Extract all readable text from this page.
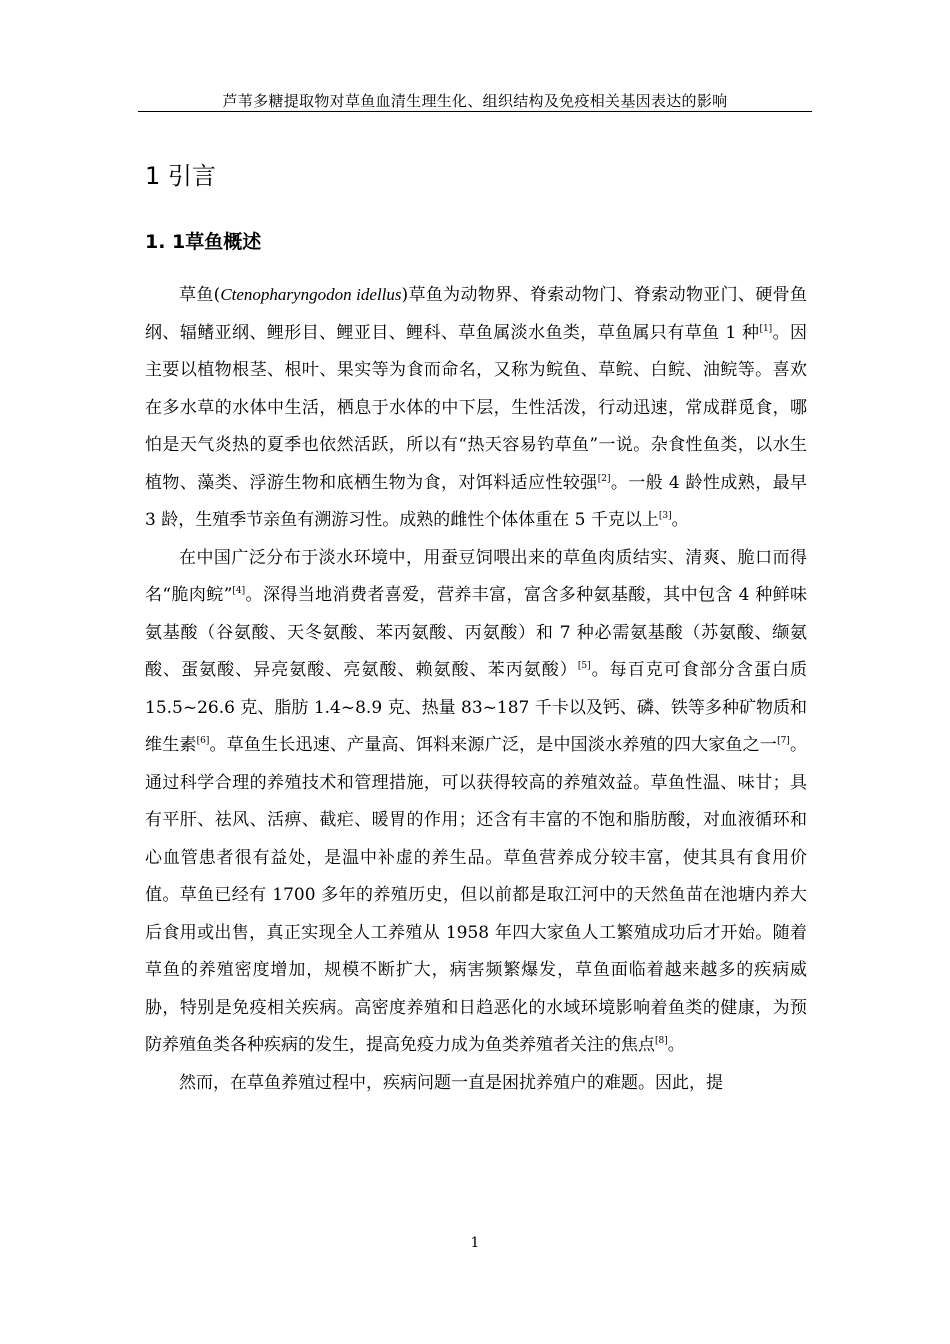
芦苇多糖提取物对草鱼血清生理生化、组织结构及免疫相关基因表达的影响
1 引言
1. 1草鱼概述

草鱼(Ctenopharyngodon idellus)草鱼为动物界、脊索动物门、脊索动物亚门、硬骨鱼纲、辐鳍亚纲、鲤形目、鲤亚目、鲤科、草鱼属淡水鱼类，草鱼属只有草鱼 1 种[1]。因主要以植物根茎、根叶、果实等为食而命名，又称为鲩鱼、草鲩、白鲩、油鲩等。喜欢在多水草的水体中生活，栖息于水体的中下层，生性活泼，行动迅速，常成群觅食，哪怕是天气炎热的夏季也依然活跃，所以有“热天容易钓草鱼”一说。杂食性鱼类，以水生植物、藻类、浮游生物和底栖生物为食，对饵料适应性较强[2]。一般 4 龄性成熟，最早 3 龄，生殖季节亲鱼有溯游习性。成熟的雌性个体体重在 5 千克以上[3]。

在中国广泛分布于淡水环境中，用蚕豆饲喂出来的草鱼肉质结实、清爽、脆口而得名“脆肉鲩”[4]。深得当地消费者喜爱，营养丰富，富含多种氨基酸，其中包含 4 种鲜味氨基酸（谷氨酸、天冬氨酸、苯丙氨酸、丙氨酸）和 7 种必需氨基酸（苏氨酸、缬氨酸、蛋氨酸、异亮氨酸、亮氨酸、赖氨酸、苯丙氨酸）[5]。每百克可食部分含蛋白质 15.5~26.6 克、脂肪 1.4~8.9 克、热量 83~187 千卡以及钙、磷、铁等多种矿物质和维生素[6]。草鱼生长迅速、产量高、饵料来源广泛，是中国淡水养殖的四大家鱼之一[7]。通过科学合理的养殖技术和管理措施，可以获得较高的养殖效益。草鱼性温、味甘；具有平肝、祛风、活痹、截疟、暖胃的作用；还含有丰富的不饱和脂肪酸，对血液循环和心血管患者很有益处，是温中补虚的养生品。草鱼营养成分较丰富，使其具有食用价值。草鱼已经有 1700 多年的养殖历史，但以前都是取江河中的天然鱼苗在池塘内养大后食用或出售，真正实现全人工养殖从 1958 年四大家鱼人工繁殖成功后才开始。随着草鱼的养殖密度增加，规模不断扩大，病害频繁爆发，草鱼面临着越来越多的疾病威胁，特别是免疫相关疾病。高密度养殖和日趋恶化的水域环境影响着鱼类的健康，为预防养殖鱼类各种疾病的发生，提高免疫力成为鱼类养殖者关注的焦点[8]。

然而，在草鱼养殖过程中，疾病问题一直是困扰养殖户的难题。因此，提

1
